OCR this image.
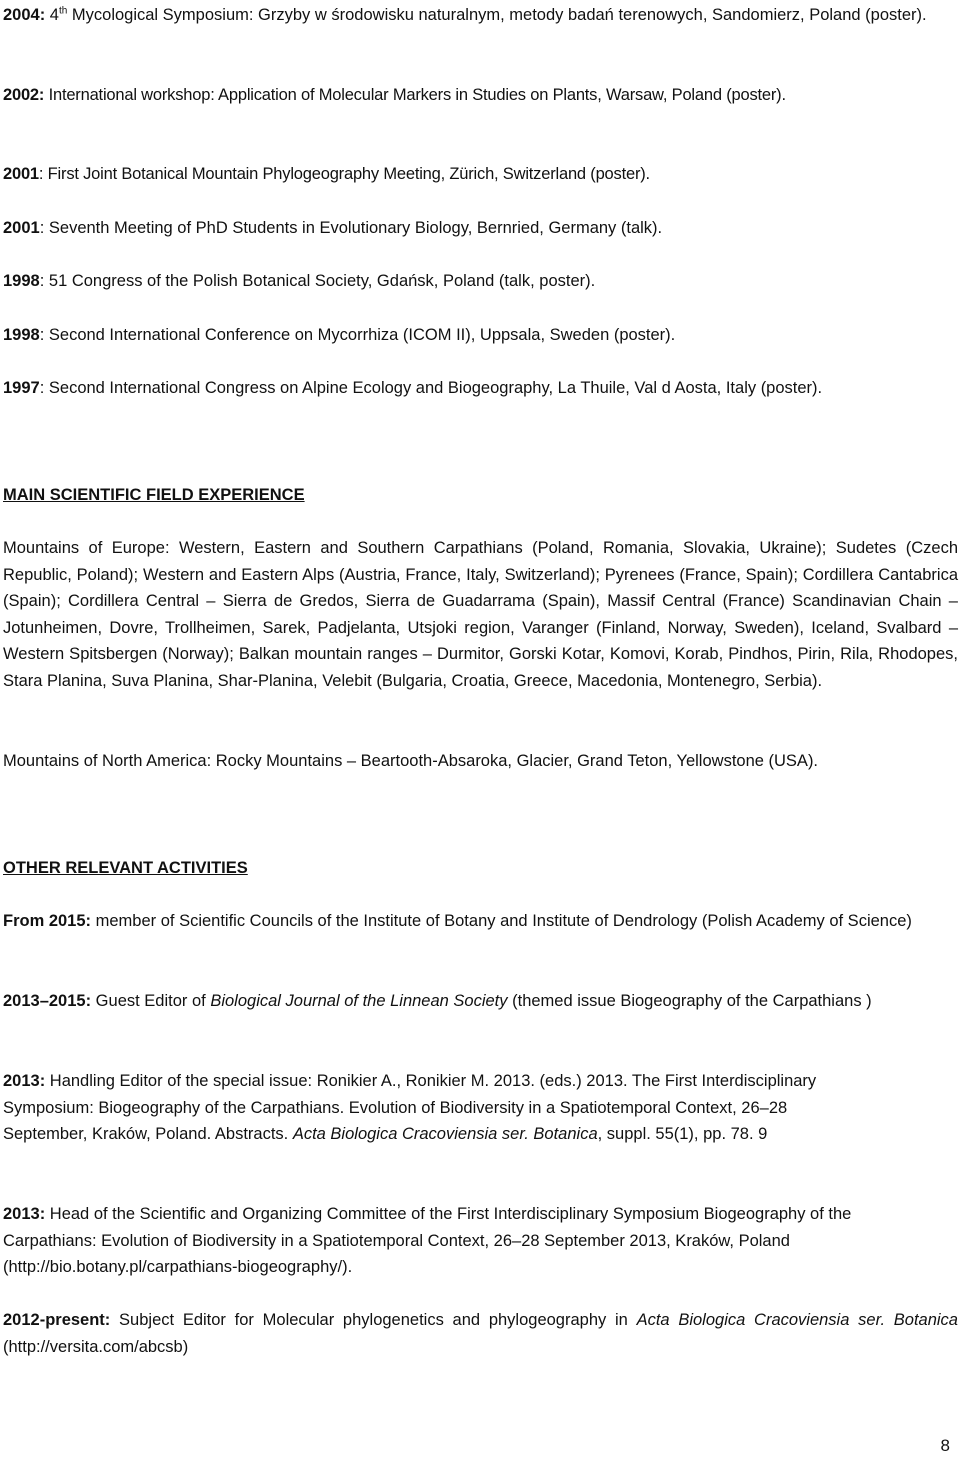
2004: 4th Mycological Symposium: Grzyby w środowisku naturalnym, metody badań terenowych, Sandomierz, Poland (poster).

2002: International workshop: Application of Molecular Markers in Studies on Plants, Warsaw, Poland (poster).

2001: First Joint Botanical Mountain Phylogeography Meeting, Zürich, Switzerland (poster).

2001: Seventh Meeting of PhD Students in Evolutionary Biology, Bernried, Germany (talk).

1998: 51 Congress of the Polish Botanical Society, Gdańsk, Poland (talk, poster).

1998: Second International Conference on Mycorrhiza (ICOM II), Uppsala, Sweden (poster).

1997: Second International Congress on Alpine Ecology and Biogeography, La Thuile, Val d Aosta, Italy (poster).

MAIN SCIENTIFIC FIELD EXPERIENCE

Mountains of Europe: Western, Eastern and Southern Carpathians (Poland, Romania, Slovakia, Ukraine); Sudetes (Czech Republic, Poland); Western and Eastern Alps (Austria, France, Italy, Switzerland); Pyrenees (France, Spain); Cordillera Cantabrica (Spain); Cordillera Central – Sierra de Gredos, Sierra de Guadarrama (Spain), Massif Central (France) Scandinavian Chain – Jotunheimen, Dovre, Trollheimen, Sarek, Padjelanta, Utsjoki region, Varanger (Finland, Norway, Sweden), Iceland, Svalbard – Western Spitsbergen (Norway); Balkan mountain ranges – Durmitor, Gorski Kotar, Komovi, Korab, Pindhos, Pirin, Rila, Rhodopes, Stara Planina, Suva Planina, Shar-Planina, Velebit (Bulgaria, Croatia, Greece, Macedonia, Montenegro, Serbia).

Mountains of North America: Rocky Mountains – Beartooth-Absaroka, Glacier, Grand Teton, Yellowstone (USA).

OTHER RELEVANT ACTIVITIES

From 2015: member of Scientific Councils of the Institute of Botany and Institute of Dendrology (Polish Academy of Science)

2013–2015: Guest Editor of Biological Journal of the Linnean Society (themed issue Biogeography of the Carpathians )

2013: Handling Editor of the special issue: Ronikier A., Ronikier M. 2013. (eds.) 2013. The First Interdisciplinary Symposium: Biogeography of the Carpathians. Evolution of Biodiversity in a Spatiotemporal Context, 26–28 September, Kraków, Poland. Abstracts. Acta Biologica Cracoviensia ser. Botanica, suppl. 55(1), pp. 78. 9

2013: Head of the Scientific and Organizing Committee of the First Interdisciplinary Symposium Biogeography of the Carpathians: Evolution of Biodiversity in a Spatiotemporal Context, 26–28 September 2013, Kraków, Poland (http://bio.botany.pl/carpathians-biogeography/).

2012-present: Subject Editor for Molecular phylogenetics and phylogeography in Acta Biologica Cracoviensia ser. Botanica (http://versita.com/abcsb)

8
